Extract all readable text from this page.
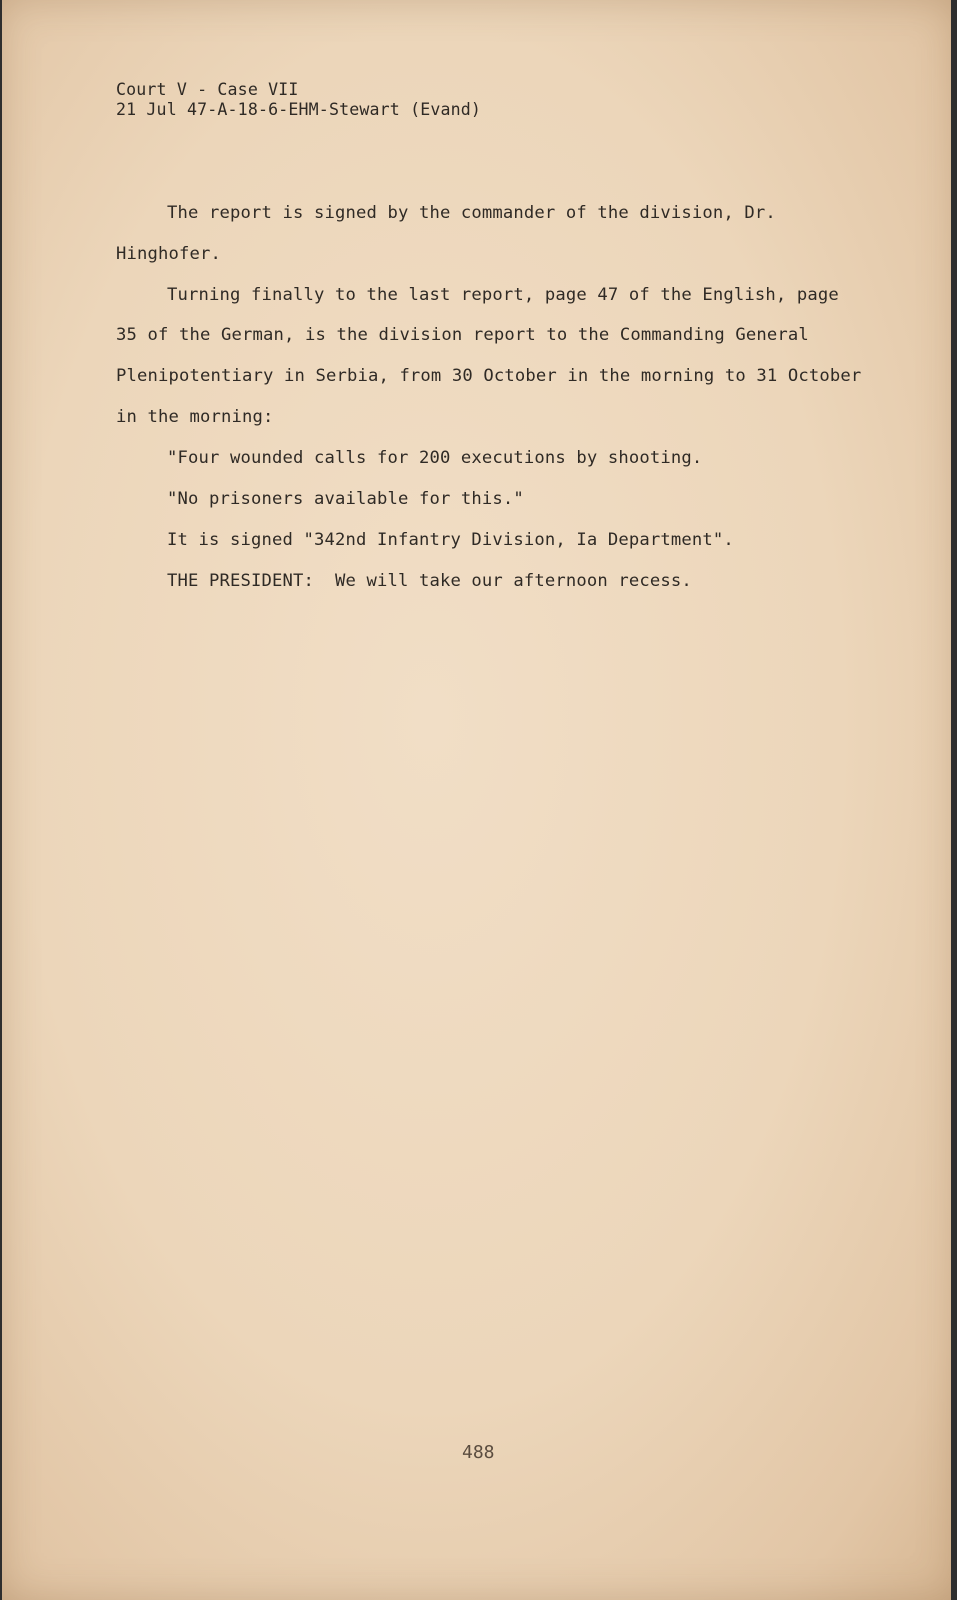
Court V - Case VII
21 Jul 47-A-18-6-EHM-Stewart (Evand)
The report is signed by the commander of the division, Dr.
Hinghofer.
Turning finally to the last report, page 47 of the English, page
35 of the German, is the division report to the Commanding General
Plenipotentiary in Serbia, from 30 October in the morning to 31 October
in the morning:
"Four wounded calls for 200 executions by shooting.
"No prisoners available for this."
It is signed "342nd Infantry Division, Ia Department".
THE PRESIDENT:  We will take our afternoon recess.
488
